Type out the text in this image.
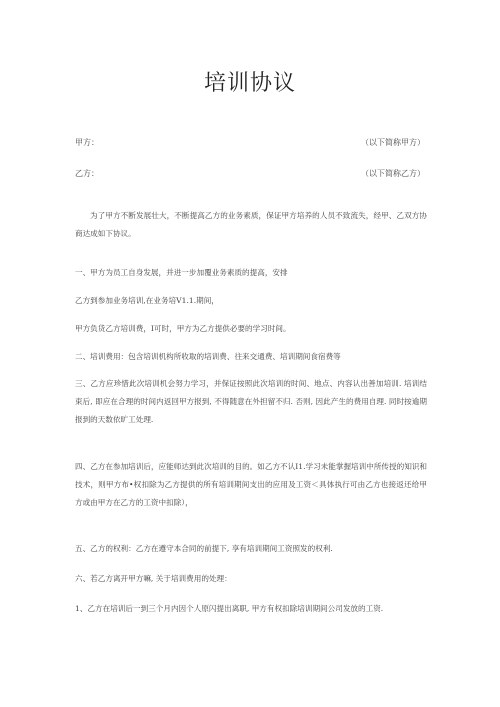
培训协议
甲方：	（以下简称甲方）
乙方：	（以下简称乙方）
为了甲方不断发展壮大，不断提高乙方的业务素质，保证甲方培养的人员不致流失，经甲、乙双方协商达成如下协议。
一、甲方为员工自身发展，并进一步加覆业务素质的提高，安排
乙方到参加业务培训,在业务培V1.1.期间，
甲方负货乙方培训费，I可时，甲方为乙方提供必要的学习时间。
二、培训费用：包含培训机构所收取的培训费、往来交通费、培训期间食宿费等
三、乙方应珍惜此次培训机会努力学习，并保证按照此次培训的时间、地点、内容认出善加培训. 培训结束后, 即应在合理的时间内返回甲方报到, 不得随意在外担留不归. 否则, 因此产生的费用自理. 同时按逾期报到的天数依旷工处理.
四、乙方在参加培训后，应能师达到此次培训的目的。如乙方不认I1.学习未能掌握培训中所传授的知识和技术，则甲方布•权扣除为乙方提供的所有培训期间支出的应用及工资＜具体执行可由乙方也接返还给甲方或由甲方在乙方的工资中扣除），
五、乙方的权利：乙方在遵守本合同的前提下, 享有培训期间工资照发的权利.
六、若乙方离开甲方嘛, 关于培训费用的处理：
1、乙方在培训后一到三个月内因个人原闪提出离职, 甲方有权扣除培训期间公司发放的工资.
